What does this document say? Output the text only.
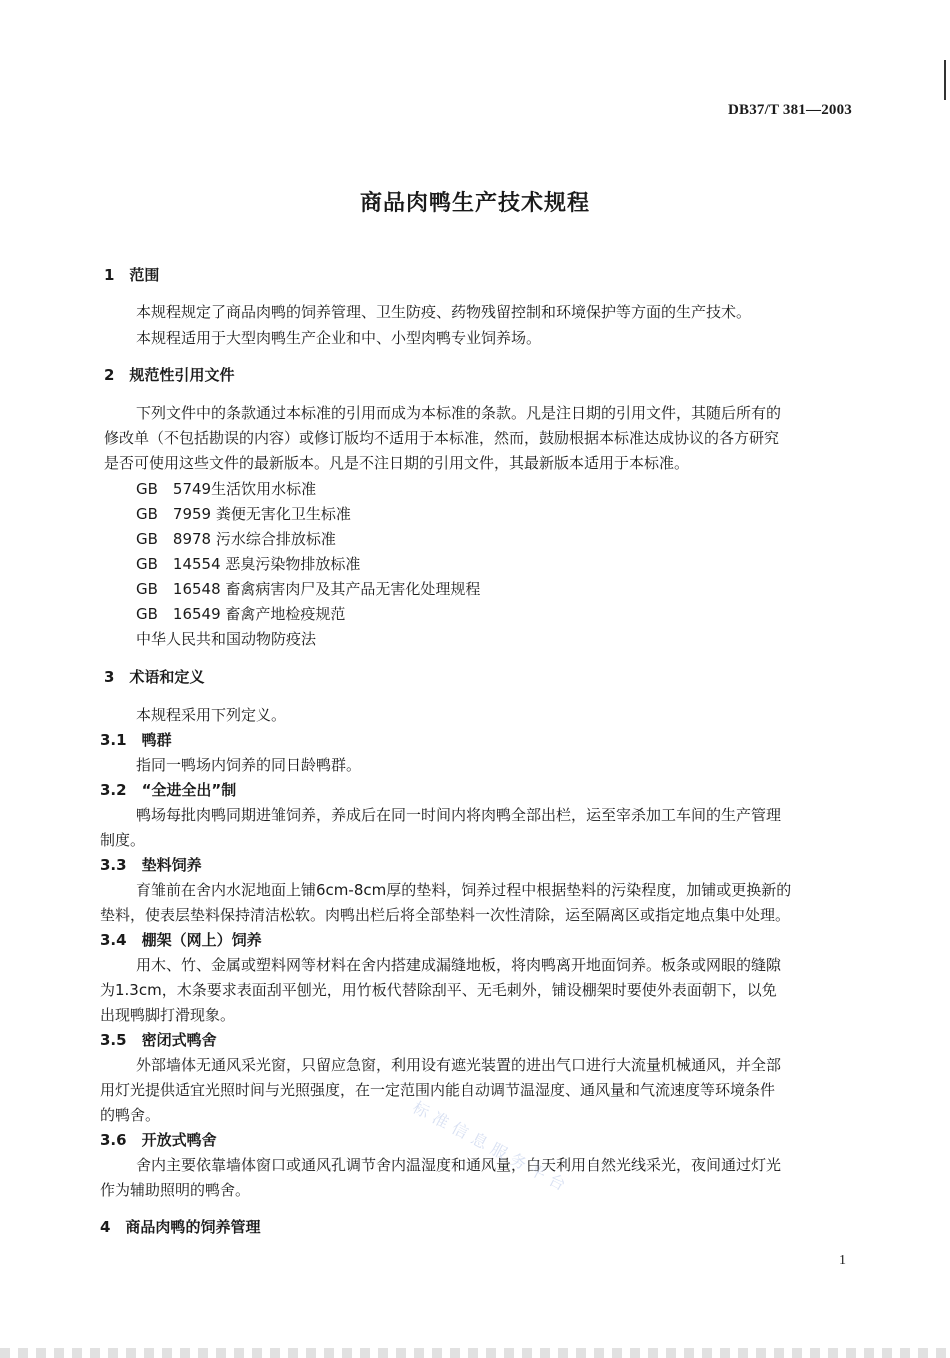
DB37/T 381—2003
商品肉鸭生产技术规程
1　范围
本规程规定了商品肉鸭的饲养管理、卫生防疫、药物残留控制和环境保护等方面的生产技术。
本规程适用于大型肉鸭生产企业和中、小型肉鸭专业饲养场。
2　规范性引用文件
下列文件中的条款通过本标准的引用而成为本标准的条款。凡是注日期的引用文件，其随后所有的
修改单（不包括勘误的内容）或修订版均不适用于本标准，然而，鼓励根据本标准达成协议的各方研究
是否可使用这些文件的最新版本。凡是不注日期的引用文件，其最新版本适用于本标准。
GB　5749生活饮用水标准
GB　7959 粪便无害化卫生标准
GB　8978 污水综合排放标准
GB　14554 恶臭污染物排放标准
GB　16548 畜禽病害肉尸及其产品无害化处理规程
GB　16549 畜禽产地检疫规范
中华人民共和国动物防疫法
3　术语和定义
本规程采用下列定义。
3.1　鸭群
指同一鸭场内饲养的同日龄鸭群。
3.2　“全进全出”制
鸭场每批肉鸭同期进雏饲养，养成后在同一时间内将肉鸭全部出栏，运至宰杀加工车间的生产管理
制度。
3.3　垫料饲养
育雏前在舍内水泥地面上铺6cm-8cm厚的垫料，饲养过程中根据垫料的污染程度，加铺或更换新的
垫料，使表层垫料保持清洁松软。肉鸭出栏后将全部垫料一次性清除，运至隔离区或指定地点集中处理。
3.4　棚架（网上）饲养
用木、竹、金属或塑料网等材料在舍内搭建成漏缝地板，将肉鸭离开地面饲养。板条或网眼的缝隙
为1.3cm，木条要求表面刮平刨光，用竹板代替除刮平、无毛刺外，铺设棚架时要使外表面朝下，以免
出现鸭脚打滑现象。
3.5　密闭式鸭舍
外部墙体无通风采光窗，只留应急窗，利用设有遮光装置的进出气口进行大流量机械通风，并全部
用灯光提供适宜光照时间与光照强度，在一定范围内能自动调节温湿度、通风量和气流速度等环境条件
的鸭舍。
3.6　开放式鸭舍
舍内主要依靠墙体窗口或通风孔调节舍内温湿度和通风量，白天利用自然光线采光，夜间通过灯光
作为辅助照明的鸭舍。
4　商品肉鸭的饲养管理
标准信息服务平台
1
